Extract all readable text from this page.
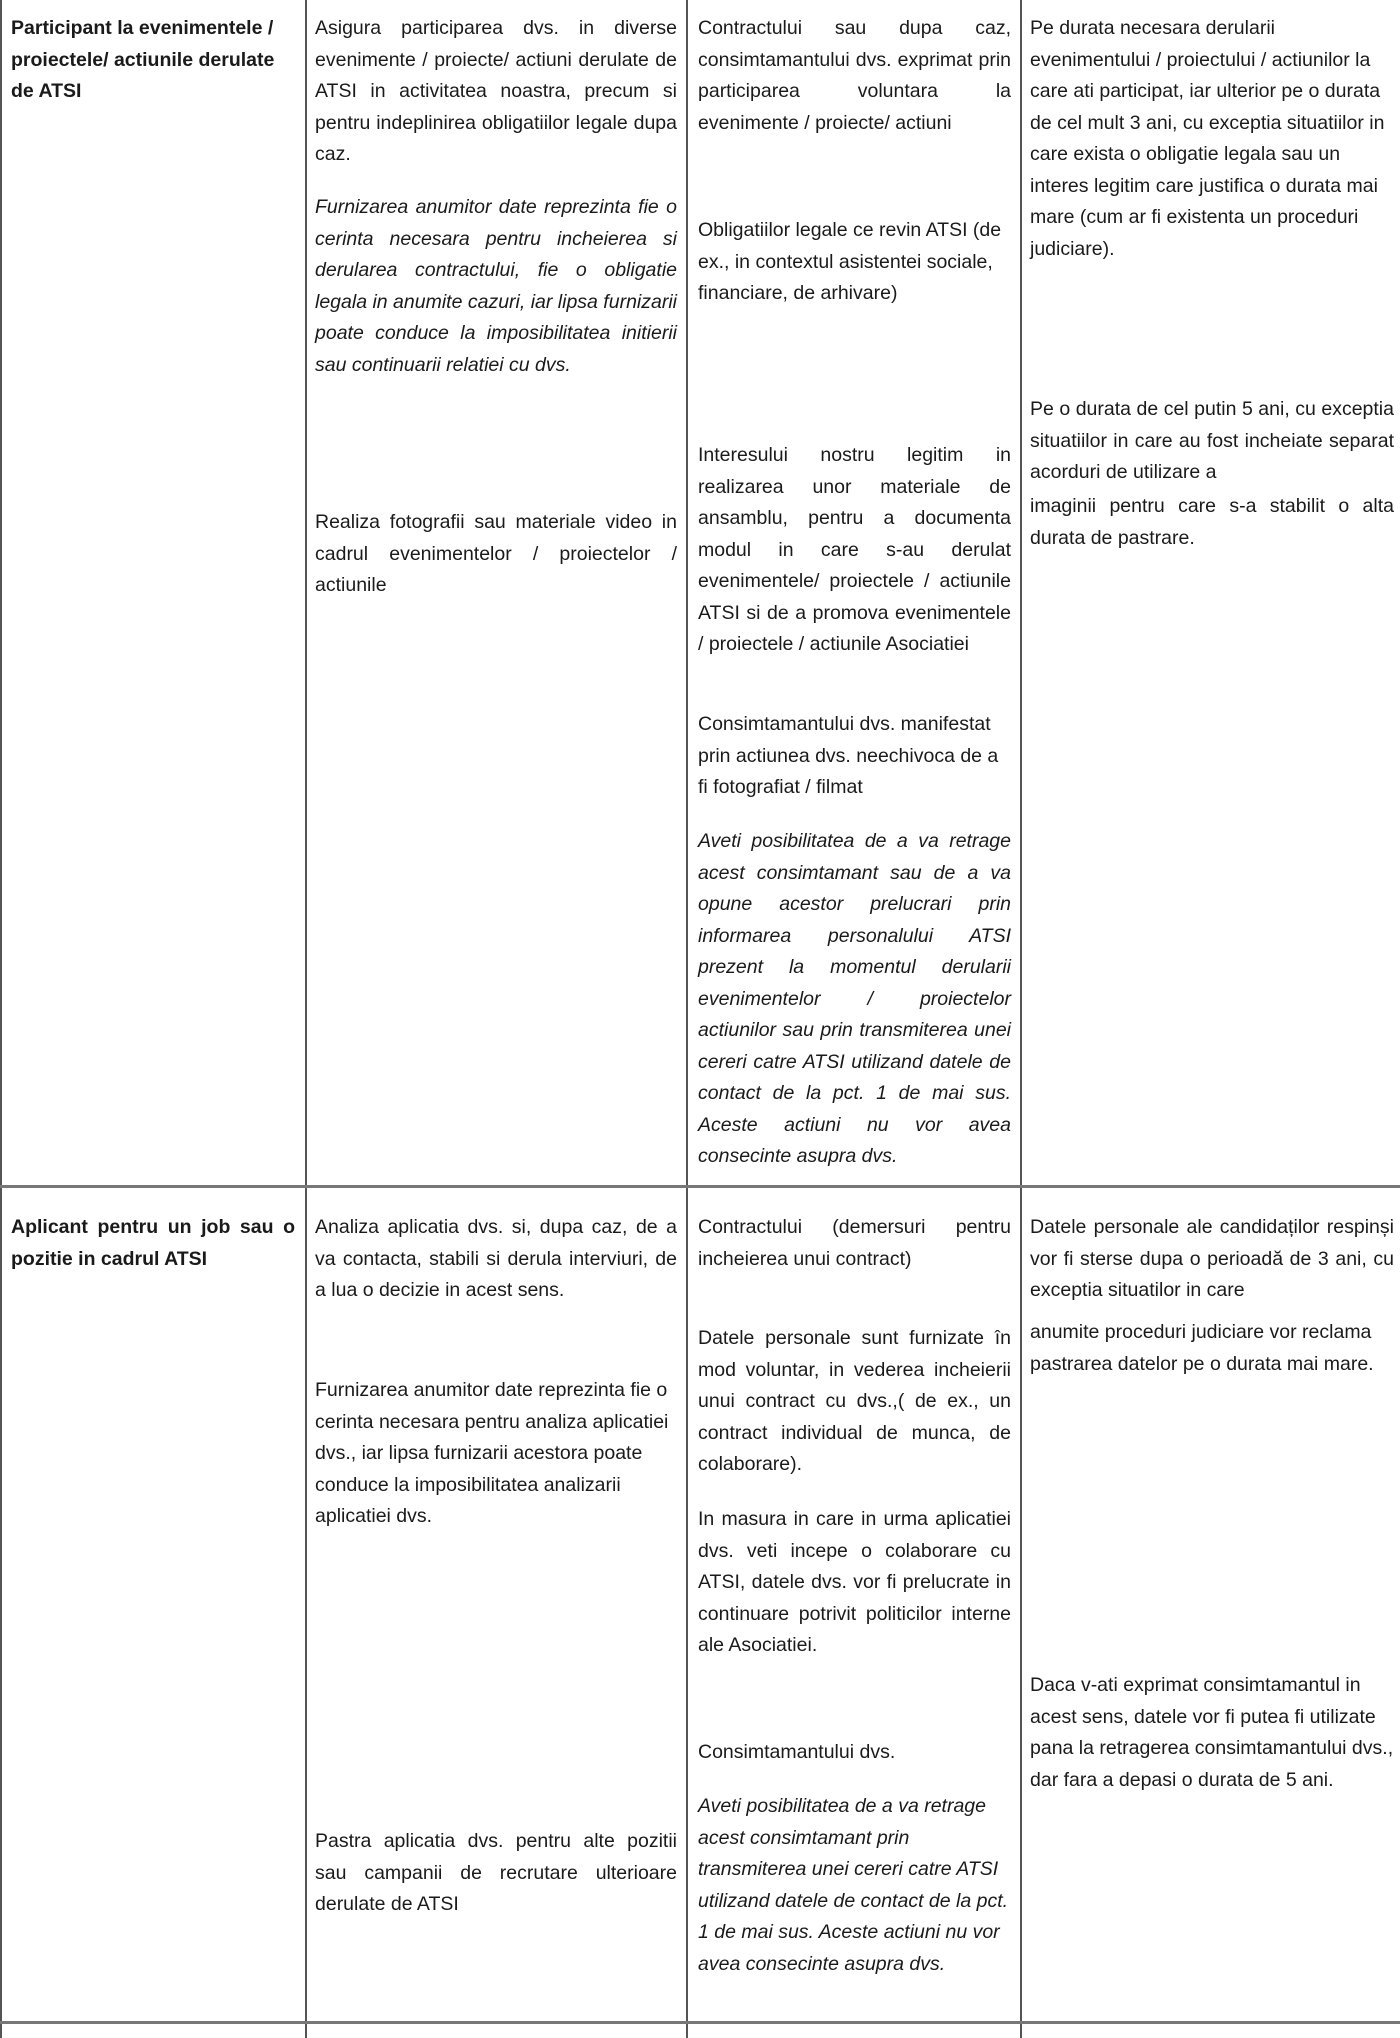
Participant la evenimentele / proiectele/ actiunile derulate de ATSI
Asigura participarea dvs. in diverse evenimente / proiecte/ actiuni derulate de ATSI in activitatea noastra, precum si pentru indeplinirea obligatiilor legale dupa caz.
Furnizarea anumitor date reprezinta fie o cerinta necesara pentru incheierea si derularea contractului, fie o obligatie legala in anumite cazuri, iar lipsa furnizarii poate conduce la imposibilitatea initierii sau continuarii relatiei cu dvs.
Realiza fotografii sau materiale video in cadrul evenimentelor / proiectelor / actiunile
Contractului sau dupa caz, consimtamantului dvs. exprimat prin participarea voluntara la evenimente / proiecte/ actiuni
Obligatiilor legale ce revin ATSI (de ex., in contextul asistentei sociale, financiare, de arhivare)
Interesului nostru legitim in realizarea unor materiale de ansamblu, pentru a documenta modul in care s-au derulat evenimentele/ proiectele / actiunile ATSI si de a promova evenimentele / proiectele / actiunile Asociatiei
Consimtamantului dvs. manifestat prin actiunea dvs. neechivoca de a fi fotografiat / filmat
Aveti posibilitatea de a va retrage acest consimtamant sau de a va opune acestor prelucrari prin informarea personalului ATSI prezent la momentul derularii evenimentelor / proiectelor actiunilor sau prin transmiterea unei cereri catre ATSI utilizand datele de contact de la pct. 1 de mai sus. Aceste actiuni nu vor avea consecinte asupra dvs.
Pe durata necesara derularii evenimentului / proiectului / actiunilor la care ati participat, iar ulterior pe o durata de cel mult 3 ani, cu exceptia situatiilor in care exista o obligatie legala sau un interes legitim care justifica o durata mai mare (cum ar fi existenta un proceduri judiciare).
Pe o durata de cel putin 5 ani, cu exceptia situatiilor in care au fost incheiate separat acorduri de utilizare a
imaginii pentru care s-a stabilit o alta durata de pastrare.
Aplicant pentru un job sau o pozitie in cadrul ATSI
Analiza aplicatia dvs. si, dupa caz, de a va contacta, stabili si derula interviuri, de a lua o decizie in acest sens.
Furnizarea anumitor date reprezinta fie o cerinta necesara pentru analiza aplicatiei dvs., iar lipsa furnizarii acestora poate conduce la imposibilitatea analizarii aplicatiei dvs.
Pastra aplicatia dvs. pentru alte pozitii sau campanii de recrutare ulterioare derulate de ATSI
Contractului (demersuri pentru incheierea unui contract)
Datele personale sunt furnizate în mod voluntar, in vederea incheierii unui contract cu dvs.,( de ex., un contract individual de munca, de colaborare).
In masura in care in urma aplicatiei dvs. veti incepe o colaborare cu ATSI, datele dvs. vor fi prelucrate in continuare potrivit politicilor interne ale Asociatiei.
Consimtamantului dvs.
Aveti posibilitatea de a va retrage acest consimtamant prin transmiterea unei cereri catre ATSI utilizand datele de contact de la pct. 1 de mai sus. Aceste actiuni nu vor avea consecinte asupra dvs.
Datele personale ale candidaților respinși vor fi sterse dupa o perioadă de 3 ani, cu exceptia situatilor in care
anumite proceduri judiciare vor reclama pastrarea datelor pe o durata mai mare.
Daca v-ati exprimat consimtamantul in acest sens, datele vor fi putea fi utilizate pana la retragerea consimtamantului dvs., dar fara a depasi o durata de 5 ani.
